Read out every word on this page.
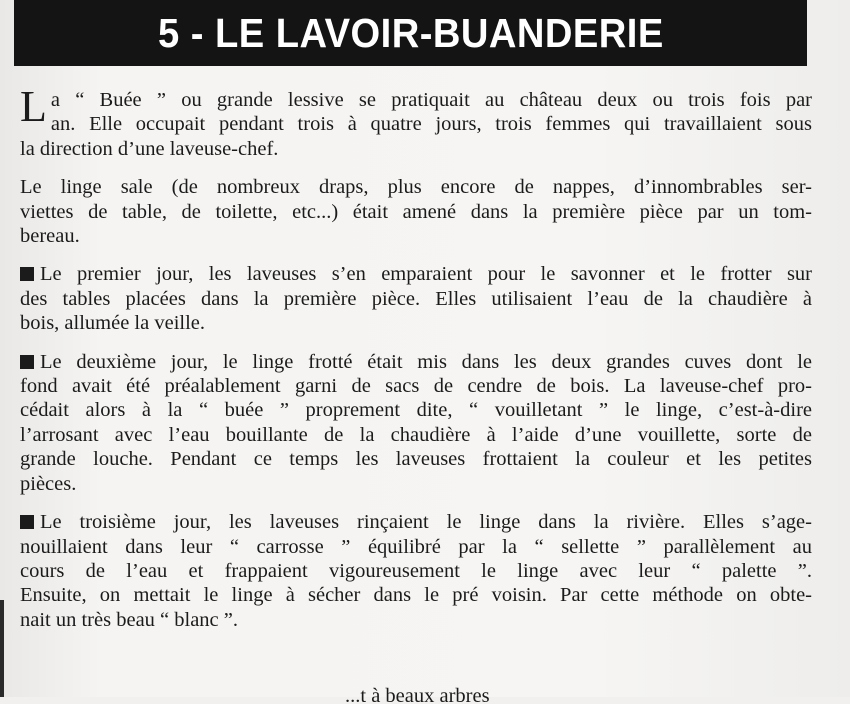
5 - LE LAVOIR-BUANDERIE

L a “ Buée ” ou grande lessive se pratiquait au château deux ou trois fois par
an. Elle occupait pendant trois à quatre jours, trois femmes qui travaillaient sous
la direction d’une laveuse-chef.

Le linge sale (de nombreux draps, plus encore de nappes, d’innombrables ser-
viettes de table, de toilette, etc...) était amené dans la première pièce par un tom-
bereau.

Le premier jour, les laveuses s’en emparaient pour le savonner et le frotter sur
des tables placées dans la première pièce. Elles utilisaient l’eau de la chaudière à
bois, allumée la veille.

Le deuxième jour, le linge frotté était mis dans les deux grandes cuves dont le
fond avait été préalablement garni de sacs de cendre de bois. La laveuse-chef pro-
cédait alors à la “ buée ” proprement dite, “ vouilletant ” le linge, c’est-à-dire
l’arrosant avec l’eau bouillante de la chaudière à l’aide d’une vouillette, sorte de
grande louche. Pendant ce temps les laveuses frottaient la couleur et les petites
pièces.

Le troisième jour, les laveuses rinçaient le linge dans la rivière. Elles s’age-
nouillaient dans leur “ carrosse ” équilibré par la “ sellette ” parallèlement au
cours de l’eau et frappaient vigoureusement le linge avec leur “ palette ”.
Ensuite, on mettait le linge à sécher dans le pré voisin. Par cette méthode on obte-
nait un très beau “ blanc ”.

...t à beaux arbres
